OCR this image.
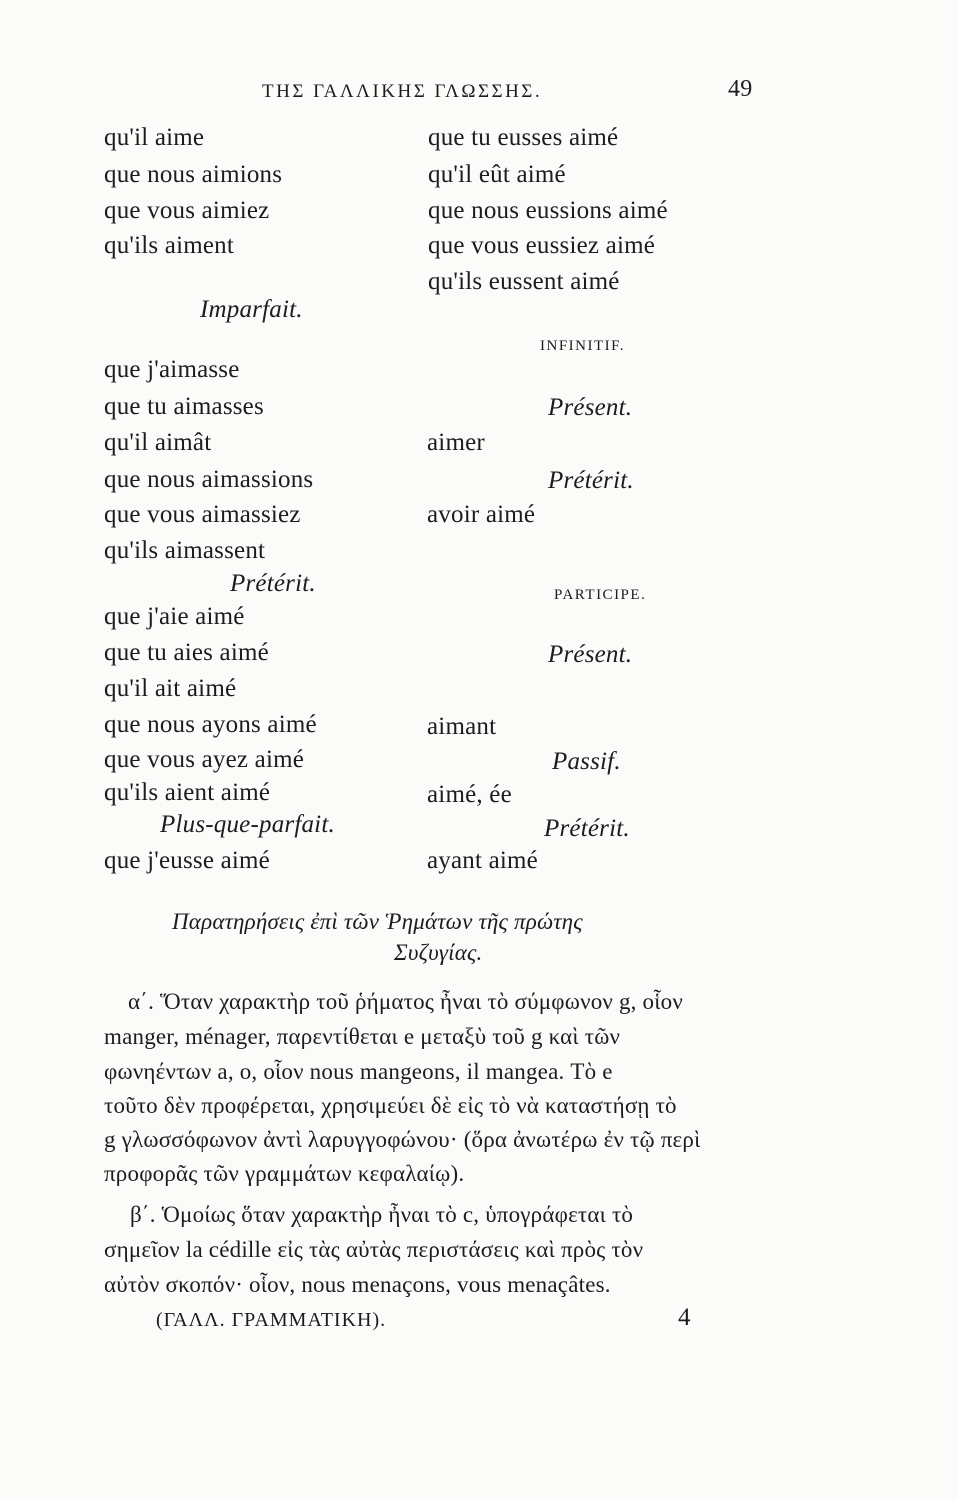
ΤΗΣ ΓΑΛΛΙΚΗΣ ΓΛΩΣΣΗΣ.	49
qu'il aime
que nous aimions
que vous aimiez
qu'ils aiment
Imparfait.
que j'aimasse
que tu aimasses
qu'il aimât
que nous aimassions
que vous aimassiez
qu'ils aimassent
Prétérit.
que j'aie aimé
que tu aies aimé
qu'il ait aimé
que nous ayons aimé
que vous ayez aimé
qu'ils aient aimé
Plus-que-parfait.
que j'eusse aimé
que tu eusses aimé
qu'il eût aimé
que nous eussions aimé
que vous eussiez aimé
qu'ils eussent aimé
INFINITIF.
Présent.
aimer
Prétérit.
avoir aimé
PARTICIPE.
Présent.
aimant
Passif.
aimé, ée
Prétérit.
ayant aimé
Παρατηρήσεις ἐπὶ τῶν Ῥημάτων τῆς πρώτης
Συζυγίας.
α΄. Ὅταν χαρακτὴρ τοῦ ῥήματος ἦναι τὸ σύμφωνον g, οἷον
manger, ménager, παρεντίθεται e μεταξὺ τοῦ g καὶ τῶν
φωνηέντων a, o, οἷον nous mangeons, il mangea. Τὸ e
τοῦτο δὲν προφέρεται, χρησιμεύει δὲ εἰς τὸ νὰ καταστήσῃ τὸ
g γλωσσόφωνον ἀντὶ λαρυγγοφώνου· (ὅρα ἀνωτέρω ἐν τῷ περὶ
προφορᾶς τῶν γραμμάτων κεφαλαίῳ).
β΄. Ὁμοίως ὅταν χαρακτὴρ ἦναι τὸ c, ὑπογράφεται τὸ
σημεῖον la cédille εἰς τὰς αὐτὰς περιστάσεις καὶ πρὸς τὸν
αὐτὸν σκοπόν· οἷον, nous menaçons, vous menaçâtes.
(ΓΑΛΛ. ΓΡΑΜΜΑΤΙΚΗ).	4
